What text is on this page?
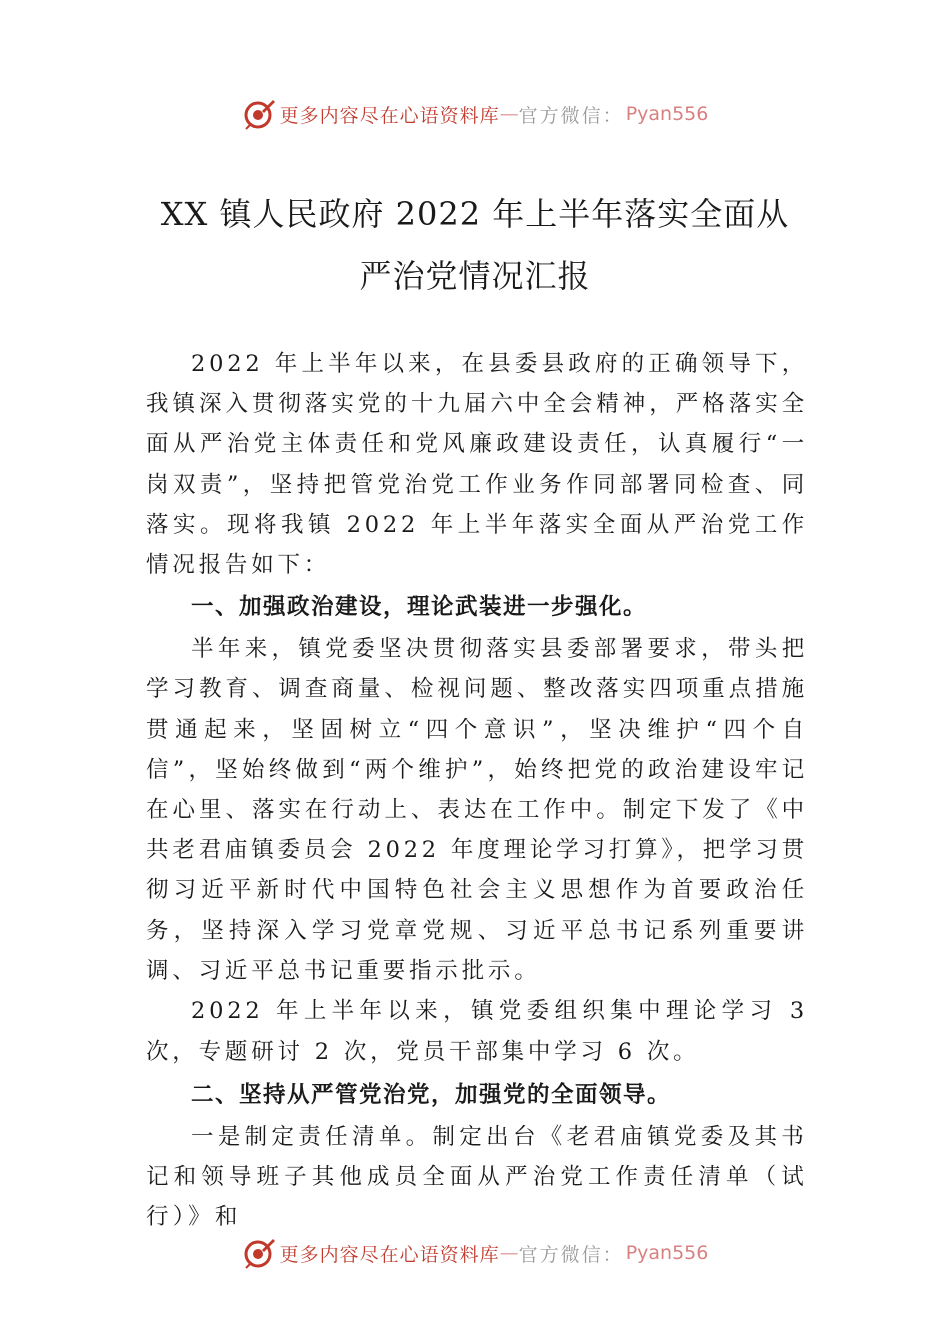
更多内容尽在心语资料库 — 官方微信： Pyan556
XX 镇人民政府 2022 年上半年落实全面从
严治党情况汇报

2022 年上半年以来，在县委县政府的正确领导下，我镇深入贯彻落实党的十九届六中全会精神，严格落实全面从严治党主体责任和党风廉政建设责任，认真履行“一岗双责”，坚持把管党治党工作业务作同部署同检查、同落实。现将我镇 2022 年上半年落实全面从严治党工作情况报告如下：

一、加强政治建设，理论武装进一步强化。

半年来，镇党委坚决贯彻落实县委部署要求，带头把学习教育、调查商量、检视问题、整改落实四项重点措施贯通起来，坚固树立“四个意识”，坚决维护“四个自信”，坚始终做到“两个维护”，始终把党的政治建设牢记在心里、落实在行动上、表达在工作中。制定下发了《中共老君庙镇委员会 2022 年度理论学习打算》，把学习贯彻习近平新时代中国特色社会主义思想作为首要政治任务，坚持深入学习党章党规、习近平总书记系列重要讲调、习近平总书记重要指示批示。

2022 年上半年以来，镇党委组织集中理论学习 3 次，专题研讨 2 次，党员干部集中学习 6 次。

二、坚持从严管党治党，加强党的全面领导。

一是制定责任清单。制定出台《老君庙镇党委及其书记和领导班子其他成员全面从严治党工作责任清单（试行）》和

更多内容尽在心语资料库 — 官方微信： Pyan556
